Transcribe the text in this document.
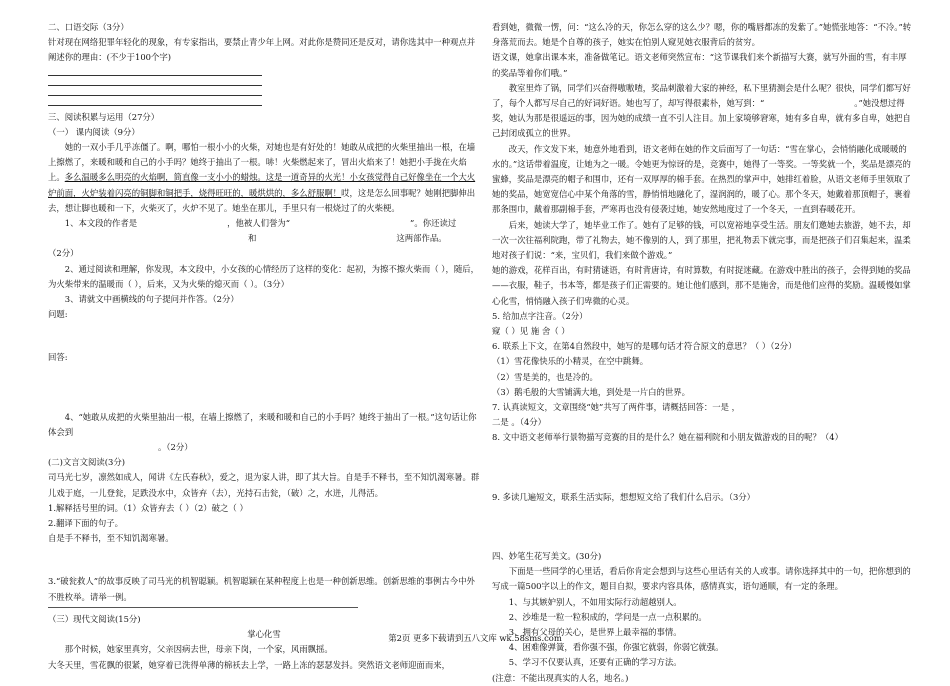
二、口语交际（3分）

针对现在网络犯罪年轻化的现象，有专家指出，要禁止青少年上网。对此你是赞同还是反对，请你选其中一种观点并阐述你的理由：(不少于100个字)

三、阅读积累与运用（27分）

（一） 课内阅读（9分）

她的一双小手几乎冻僵了。啊，哪怕一根小小的火柴，对她也是有好处的！她敢从成把的火柴里抽出一根，在墙上擦燃了，来暖和暖和自己的小手吗？她终于抽出了一根。哧！火柴燃起来了，冒出火焰来了！她把小手拢在火焰上。多么温暖多么明亮的火焰啊，简直像一支小小的蜡烛。这是一道奇异的火光！小女孩觉得自己好像坐在一个大火炉前面，火炉装着闪亮的铜脚和铜把手，烧得旺旺的，暖烘烘的，多么舒服啊！哎，这是怎么回事呢？她刚把脚伸出去，想让脚也暖和一下，火柴灭了，火炉不见了。她坐在那儿，手里只有一根烧过了的火柴梗。

1、本文段的作者是	，他被人们誉为“	”。你还读过

和	这两部作品。

（2分）

2、通过阅读和理解，你发现，本文段中，小女孩的心情经历了这样的变化：起初，为擦不擦火柴而（ ），随后，为火柴带来的温暖而（ ），后来，又为火柴的熄灭而（ ）。（3分）

3、请就文中画横线的句子提问并作答。（2分）

问题:

回答:

4、“她敢从成把的火柴里抽出一根，在墙上擦燃了，来暖和暖和自己的小手吗？她终于抽出了一根。”这句话让你体会到

。（2分）

(二)文言文阅读(3分)

司马光七岁，凛然如成人，闻讲《左氏春秋》，爱之，退为家人讲，即了其大旨。自是手不释书，至不知饥渴寒暑。群儿戏于庭，一儿登瓮，足跌没水中，众皆弃（去），光持石击瓮，（破）之，水迸，儿得活。

1.解释括号里的词。（1）众皆弃去（ ）（2）破之（ ）

2.翻译下面的句子。

自是手不释书，至不知饥渴寒暑。

3.“破瓮救人”的故事反映了司马光的机智聪颖。机智聪颖在某种程度上也是一种创新思维。创新思维的事例古今中外不胜枚举。请举一例。

（三）现代文阅读(15分)

掌心化雪

那个时候，她家里真穷，父亲因病去世，母亲下岗，一个家，风雨飘摇。

大冬天里，雪花飘的很紧，她穿着已洗得单薄的棉袄去上学，一路上冻的瑟瑟发抖。突然语文老师迎面而来，

看到她，微微一愣，问：“这么冷的天，你怎么穿的这么少？嗯，你的嘴唇都冻的发紫了。”她慌张地答：“不冷。”转身落荒而去。她是个自尊的孩子，她实在怕别人窥见她衣服背后的贫穷。

语文课，她拿出课本来，准备做笔记。语文老师突然宣布：“这节课我们来个新描写大赛，就写外面的雪，有丰厚的奖品等着你们哦。”

教室里炸了锅，同学们兴奋得嗷嗷喳，奖品刺激着大家的神经，私下里猜测会是什么呢？很快，同学们都写好了，每个人都写尽自己的好词好语。她也写了，却写得很素朴，她写到：“	。”她没想过得奖，她认为那是很遥远的事，因为她的成绩一直不引人注目。加上家境够窘寒，她有多自卑，就有多自卑，她把自己封闭成孤立的世界。

改天，作文发下来，她意外地看到，语文老师在她的作文后面写了一句话：“雪在掌心，会悄悄融化成暖暖的水的。”这话带着温度，让她为之一暖。令她更为惊讶的是，竞赛中，她得了一等奖。一等奖就一个，奖品是漂亮的蜜蜂，奖品是漂亮的帽子和围巾，还有一双厚厚的棉手套。在热烈的掌声中，她排红着脸，从语文老师手里领取了她的奖品，她宽宽信心中某个角落的雪，静悄悄地融化了，湿润润的，暖了心。那个冬天，她戴着那顶帽子，裹着那条围巾，戴着那副棉手套，严寒再也没有侵袭过她，她安然地度过了一个冬天，一直到春暖花开。

后来，她读大学了，她毕业工作了。她有了足够的钱，可以宽裕地享受生活。朋友们邀她去旅游，她不去，却一次一次往福利院跑，带了礼物去，她不像别的人，到了那里，把礼物丢下就完事，而是把孩子们召集起来，温柔地对孩子们说：“来，宝贝们，我们来做个游戏。”

她的游戏，花样百出，有时猜谜语，有时背唐诗，有时算数，有时捉迷藏。在游戏中胜出的孩子，会得到她的奖品——衣服，鞋子，书本等，都是孩子们正需要的。她让他们感到，那不是施舍，而是他们应得的奖励。温暖慢如掌心化雪，悄悄融入孩子们卑微的心灵。

5. 给加点字注音。（2分）

窥（ ）见 施 舍（ ）

6. 联系上下文，在第4自然段中，她写的是哪句话才符合原文的意思？（ ）（2分）

（1）雪花像快乐的小精灵，在空中跳舞。

（2）雪是美的，也是冷的。

（3）鹅毛般的大雪铺满大地，到处是一片白的世界。

7. 认真读短文，文章围绕“她”共写了两件事，请概括回答：一是 ，

二是 。（4分）

8. 文中语文老师举行景物描写竞赛的目的是什么？她在福利院和小朋友做游戏的目的呢？（4）

9. 多读几遍短文，联系生活实际，想想短文给了我们什么启示。（3分）

四、妙笔生花写美文。(30分)

下面是一些同学的心里话，看后你肯定会想到与这些心里话有关的人或事。请你选择其中的一句，把你想到的写成一篇500字以上的作文，题目自拟，要求内容具体，感情真实，语句通顺，有一定的条理。

1、与其嫉妒别人，不如用实际行动超越别人。

2、沙堆是一粒一粒积成的，学问是一点一点积累的。

3、拥有父母的关心，是世界上最幸福的事情。

4、困难像弹簧，看你强不强，你强它就弱，你弱它就强。

5、学习不仅要认真，还要有正确的学习方法。

(注意：不能出现真实的人名，地名。)

第2页 更多下载请到五八文库 wk.58sms.com
